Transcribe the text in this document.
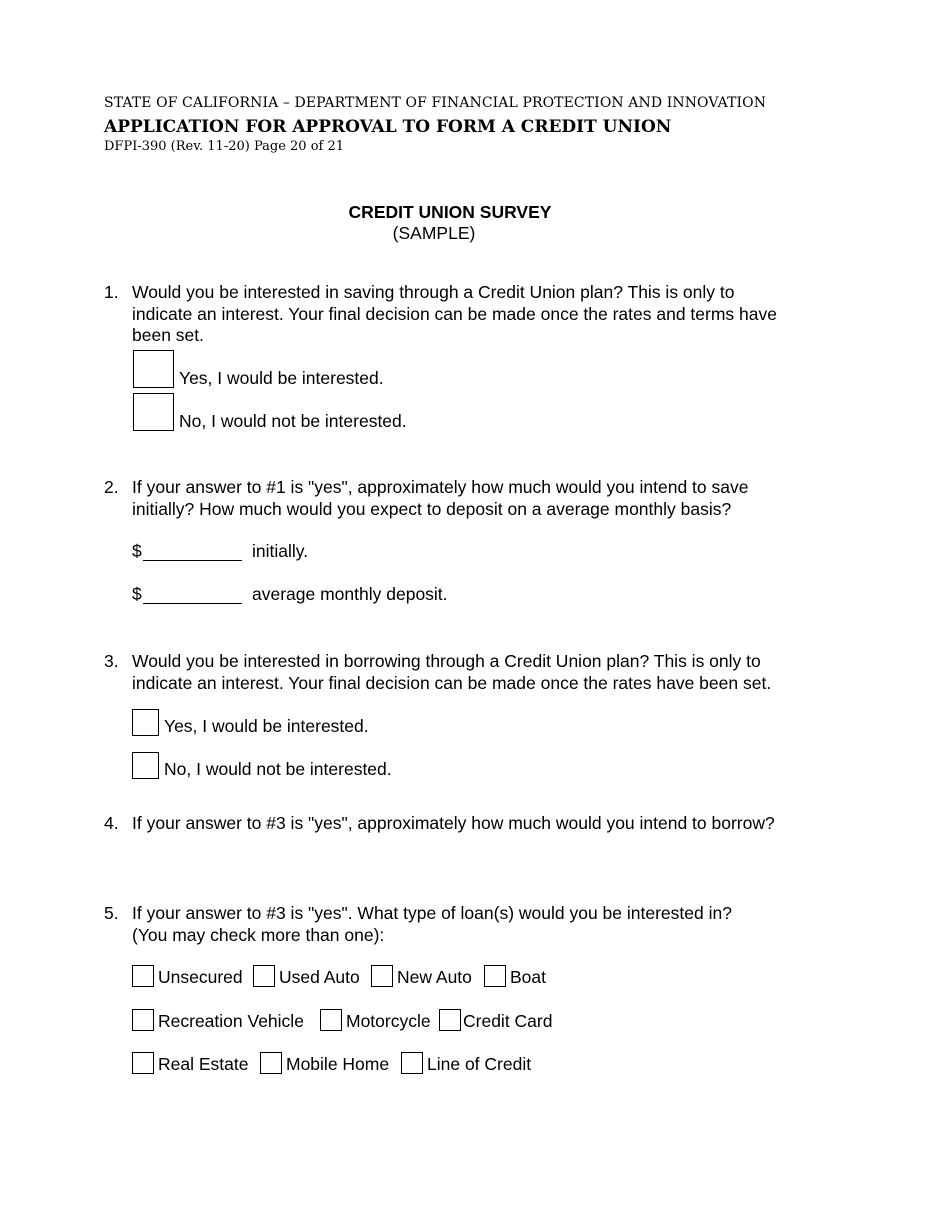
STATE OF CALIFORNIA – DEPARTMENT OF FINANCIAL PROTECTION AND INNOVATION
APPLICATION FOR APPROVAL TO FORM A CREDIT UNION
DFPI-390 (Rev. 11-20) Page 20 of 21
CREDIT UNION SURVEY
(SAMPLE)
1. Would you be interested in saving through a Credit Union plan? This is only to
indicate an interest. Your final decision can be made once the rates and terms have
been set.
Yes, I would be interested.
No, I would not be interested.
2. If your answer to #1 is "yes", approximately how much would you intend to save
initially? How much would you expect to deposit on a average monthly basis?
$	initially.
$	average monthly deposit.
3. Would you be interested in borrowing through a Credit Union plan? This is only to
indicate an interest. Your final decision can be made once the rates have been set.
Yes, I would be interested.
No, I would not be interested.
4. If your answer to #3 is "yes", approximately how much would you intend to borrow?
5. If your answer to #3 is "yes". What type of loan(s) would you be interested in?
(You may check more than one):
Unsecured Used Auto New Auto Boat
Recreation Vehicle Motorcycle Credit Card
Real Estate Mobile Home Line of Credit
